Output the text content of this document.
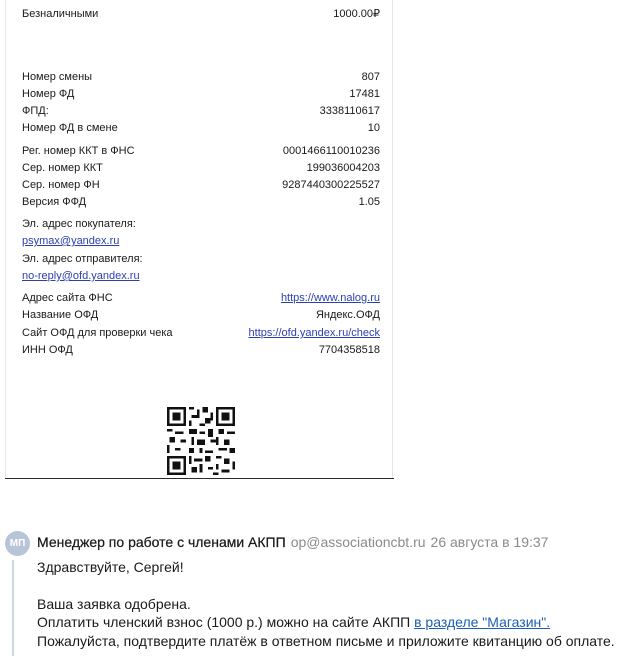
Безналичными	1000.00₽
Номер смены	807
Номер ФД	17481
ФПД:	3338110617
Номер ФД в смене	10
Рег. номер ККТ в ФНС	0001466110010236
Сер. номер ККТ	199036004203
Сер. номер ФН	9287440300225527
Версия ФФД	1.05
Эл. адрес покупателя:
psymax@yandex.ru
Эл. адрес отправителя:
no-reply@ofd.yandex.ru
Адрес сайта ФНС	https://www.nalog.ru
Название ОФД	Яндекс.ОФД
Сайт ОФД для проверки чека	https://ofd.yandex.ru/check
ИНН ОФД	7704358518
МП Менеджер по работе с членами АКПП op@associationcbt.ru 26 августа в 19:37
Здравствуйте, Сергей!
Ваша заявка одобрена.
Оплатить членский взнос (1000 р.) можно на сайте АКПП в разделе "Магазин".
Пожалуйста, подтвердите платёж в ответном письме и приложите квитанцию об оплате.
